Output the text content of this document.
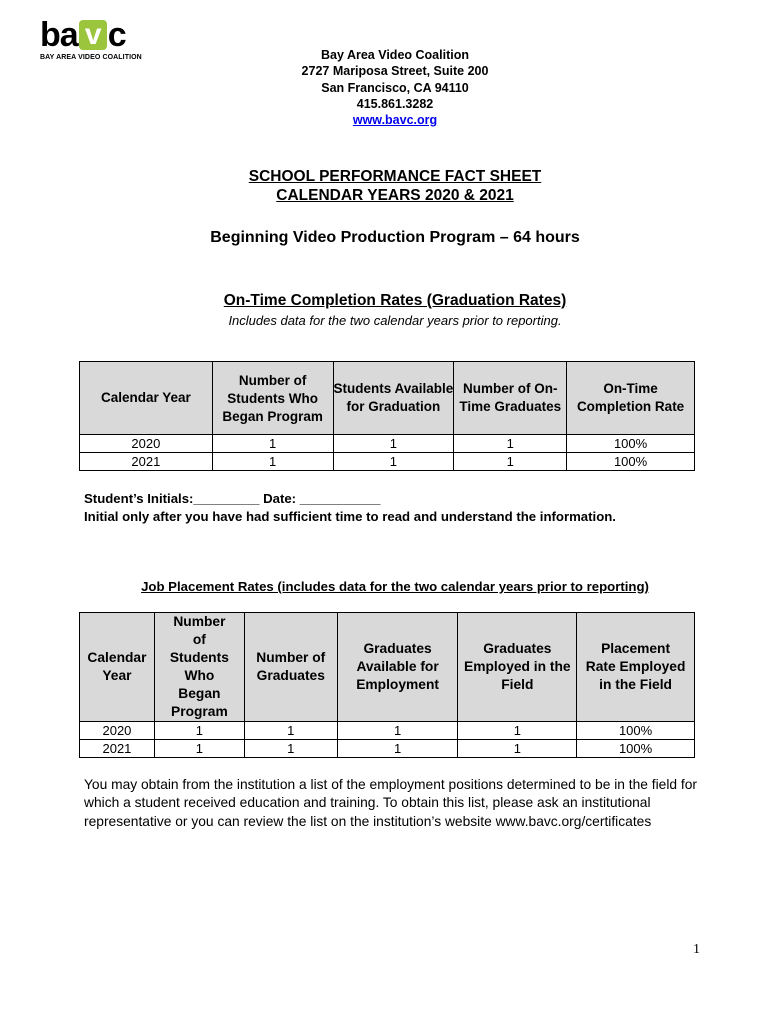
ba v c
BAY AREA VIDEO COALITION	Bay Area Video Coalition
2727 Mariposa Street, Suite 200
San Francisco, CA 94110
415.861.3282
www.bavc.org
SCHOOL PERFORMANCE FACT SHEET
CALENDAR YEARS 2020 & 2021
Beginning Video Production Program – 64 hours
On-Time Completion Rates (Graduation Rates)
Includes data for the two calendar years prior to reporting.
Calendar Year	Number of Students Who Began Program	Students Available for Graduation	Number of On-Time Graduates	On-Time Completion Rate
2020	1	1	1	100%
2021	1	1	1	100%
Student’s Initials:_________ Date: ___________
Initial only after you have had sufficient time to read and understand the information.
Job Placement Rates (includes data for the two calendar years prior to reporting)
Calendar Year	Number of Students Who Began Program	Number of Graduates	Graduates Available for Employment	Graduates Employed in the Field	Placement Rate Employed in the Field
2020	1	1	1	1	100%
2021	1	1	1	1	100%
You may obtain from the institution a list of the employment positions determined to be in the field for which a student received education and training. To obtain this list, please ask an institutional representative or you can review the list on the institution’s website www.bavc.org/certificates
1
